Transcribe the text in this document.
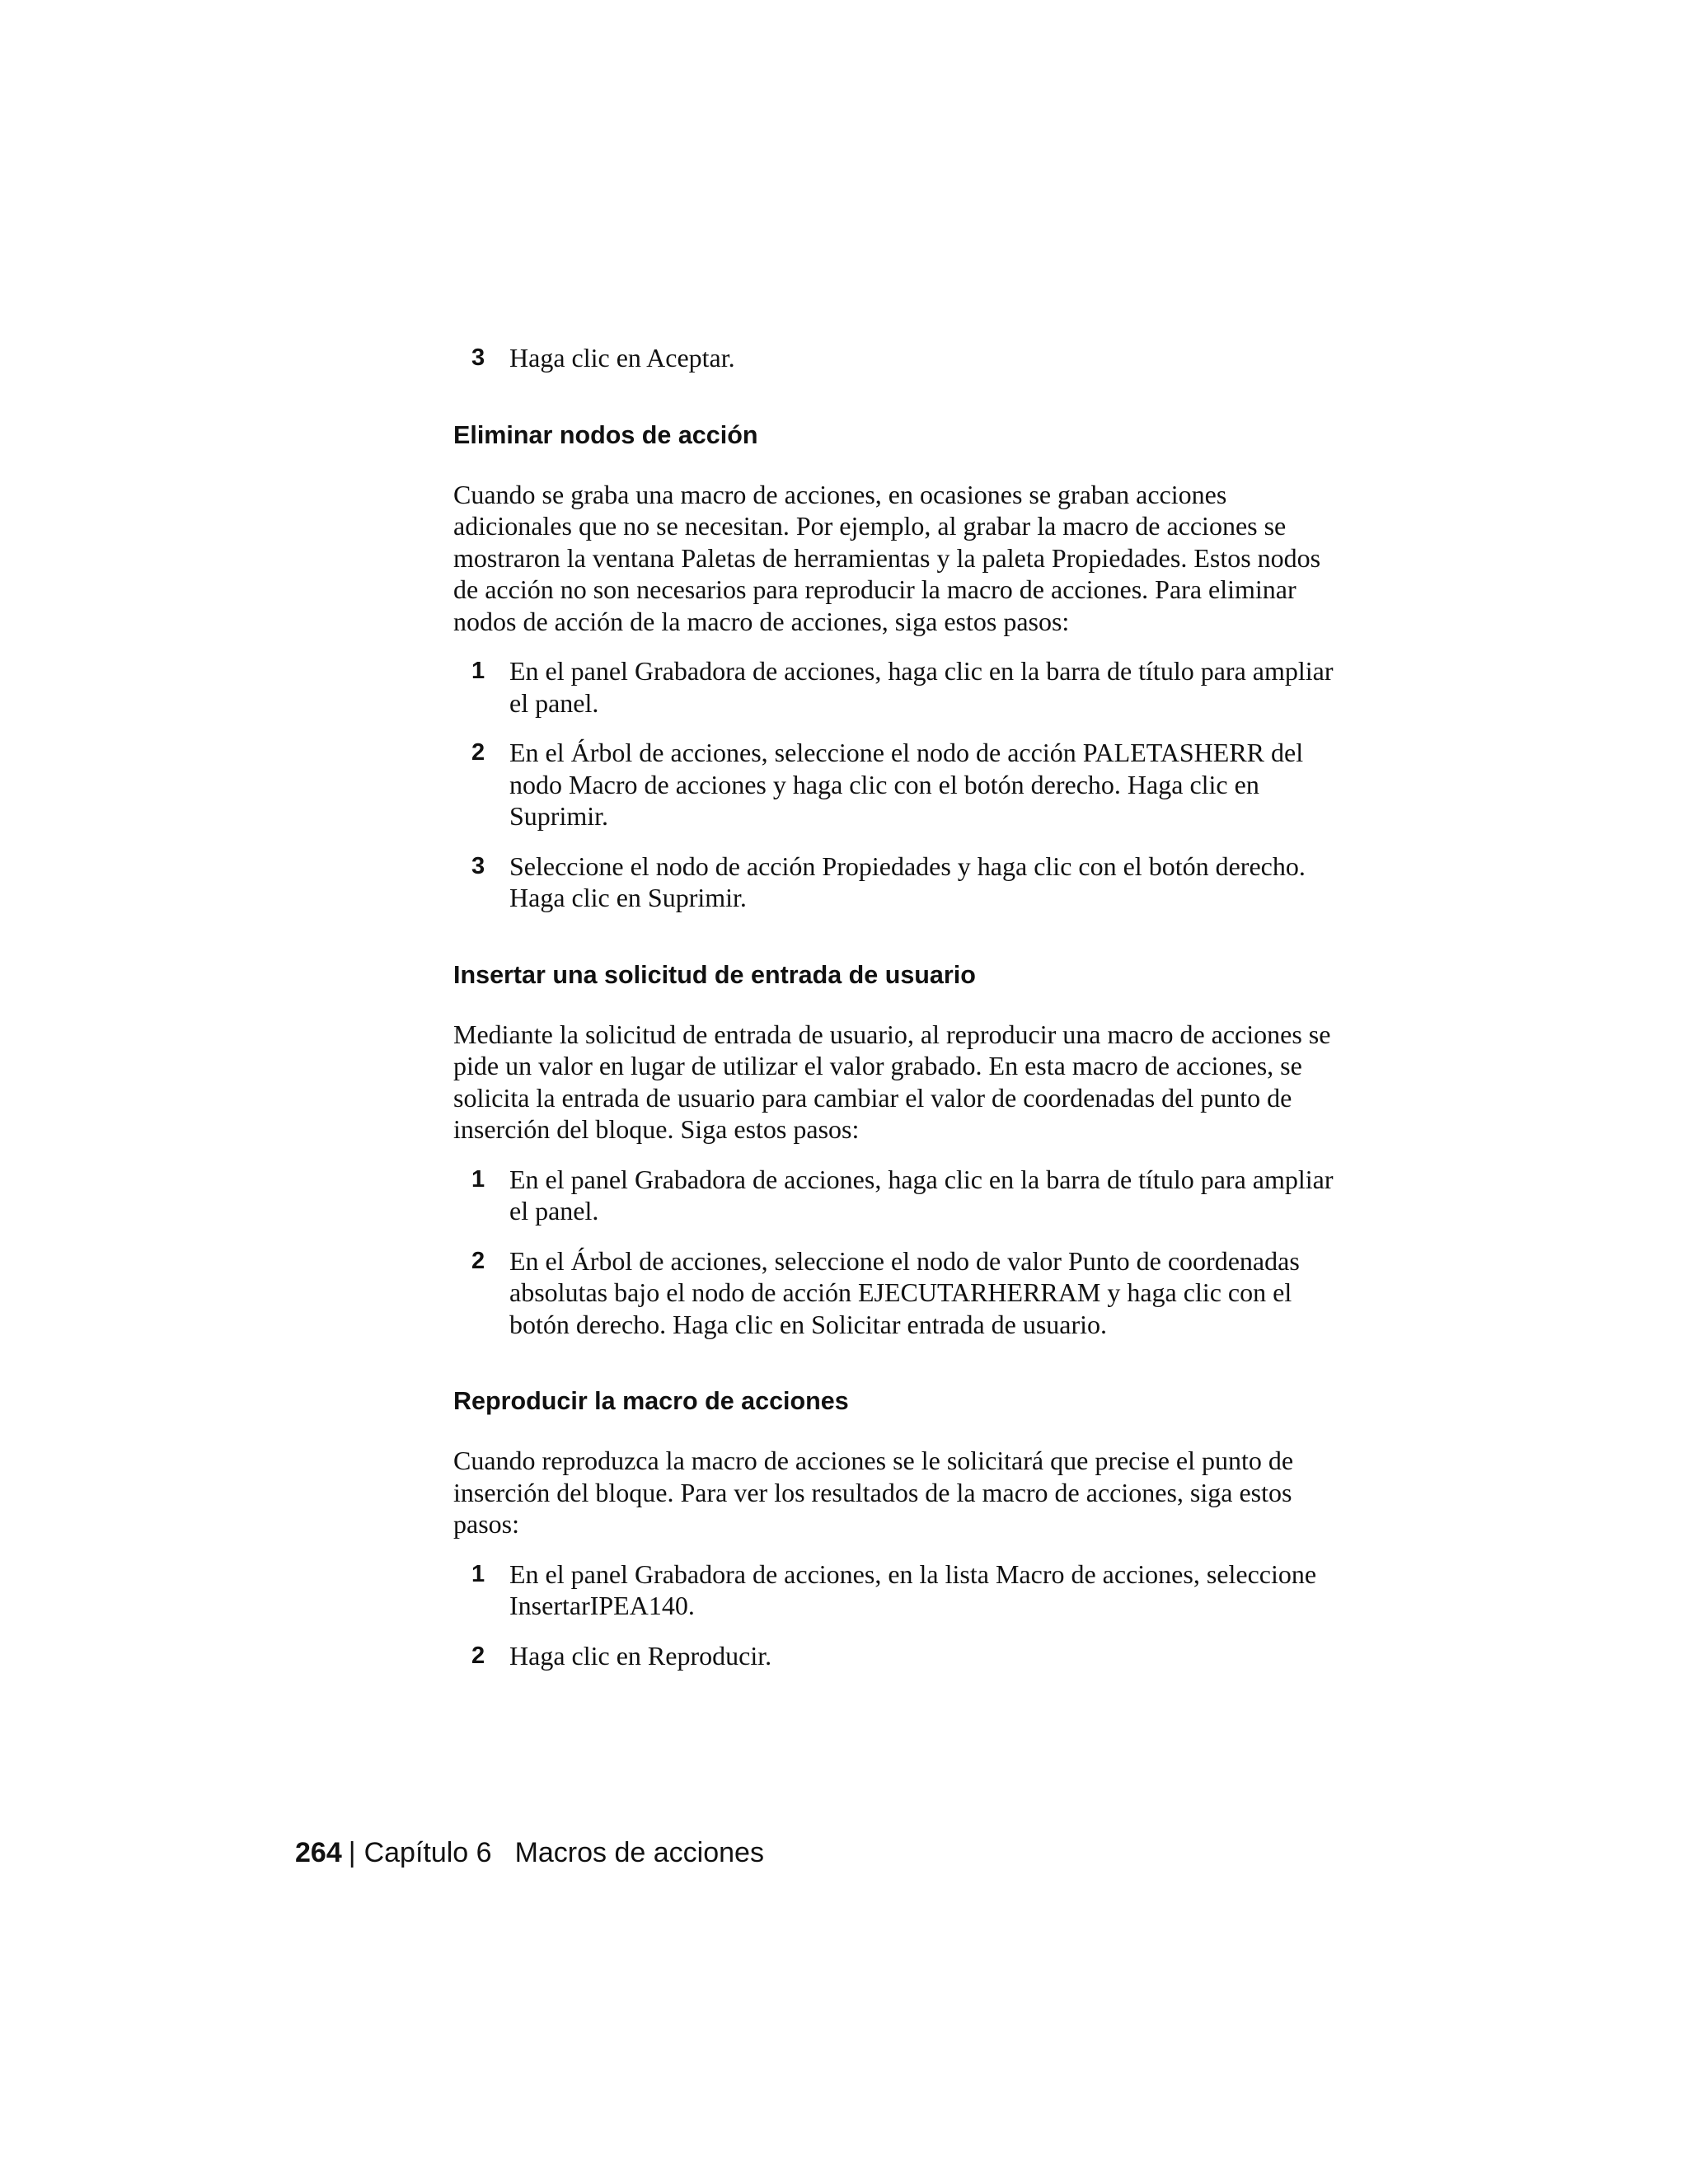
3 Haga clic en Aceptar.
Eliminar nodos de acción

Cuando se graba una macro de acciones, en ocasiones se graban acciones adicionales que no se necesitan. Por ejemplo, al grabar la macro de acciones se mostraron la ventana Paletas de herramientas y la paleta Propiedades. Estos nodos de acción no son necesarios para reproducir la macro de acciones. Para eliminar nodos de acción de la macro de acciones, siga estos pasos:

1 En el panel Grabadora de acciones, haga clic en la barra de título para ampliar el panel.
2 En el Árbol de acciones, seleccione el nodo de acción PALETASHERR del nodo Macro de acciones y haga clic con el botón derecho. Haga clic en Suprimir.
3 Seleccione el nodo de acción Propiedades y haga clic con el botón derecho. Haga clic en Suprimir.
Insertar una solicitud de entrada de usuario

Mediante la solicitud de entrada de usuario, al reproducir una macro de acciones se pide un valor en lugar de utilizar el valor grabado. En esta macro de acciones, se solicita la entrada de usuario para cambiar el valor de coordenadas del punto de inserción del bloque. Siga estos pasos:

1 En el panel Grabadora de acciones, haga clic en la barra de título para ampliar el panel.
2 En el Árbol de acciones, seleccione el nodo de valor Punto de coordenadas absolutas bajo el nodo de acción EJECUTARHERRAM y haga clic con el botón derecho. Haga clic en Solicitar entrada de usuario.
Reproducir la macro de acciones

Cuando reproduzca la macro de acciones se le solicitará que precise el punto de inserción del bloque. Para ver los resultados de la macro de acciones, siga estos pasos:

1 En el panel Grabadora de acciones, en la lista Macro de acciones, seleccione InsertarIPEA140.
2 Haga clic en Reproducir.
264 | Capítulo 6 Macros de acciones
